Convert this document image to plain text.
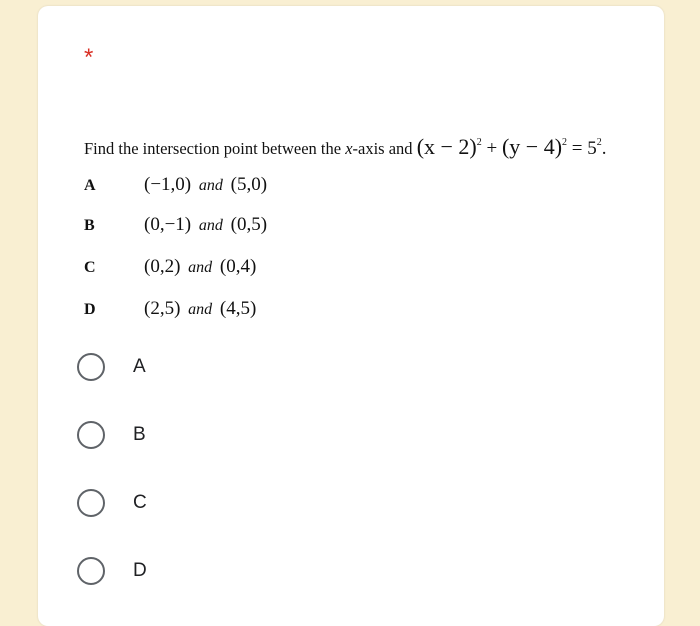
*
Find the intersection point between the x-axis and $(x - 2)^2 + (y - 4)^2 = 5^2$.
A	(−1,0) and (5,0)
B	(0,−1) and (0,5)
C	(0,2) and (0,4)
D	(2,5) and (4,5)
A
B
C
D
